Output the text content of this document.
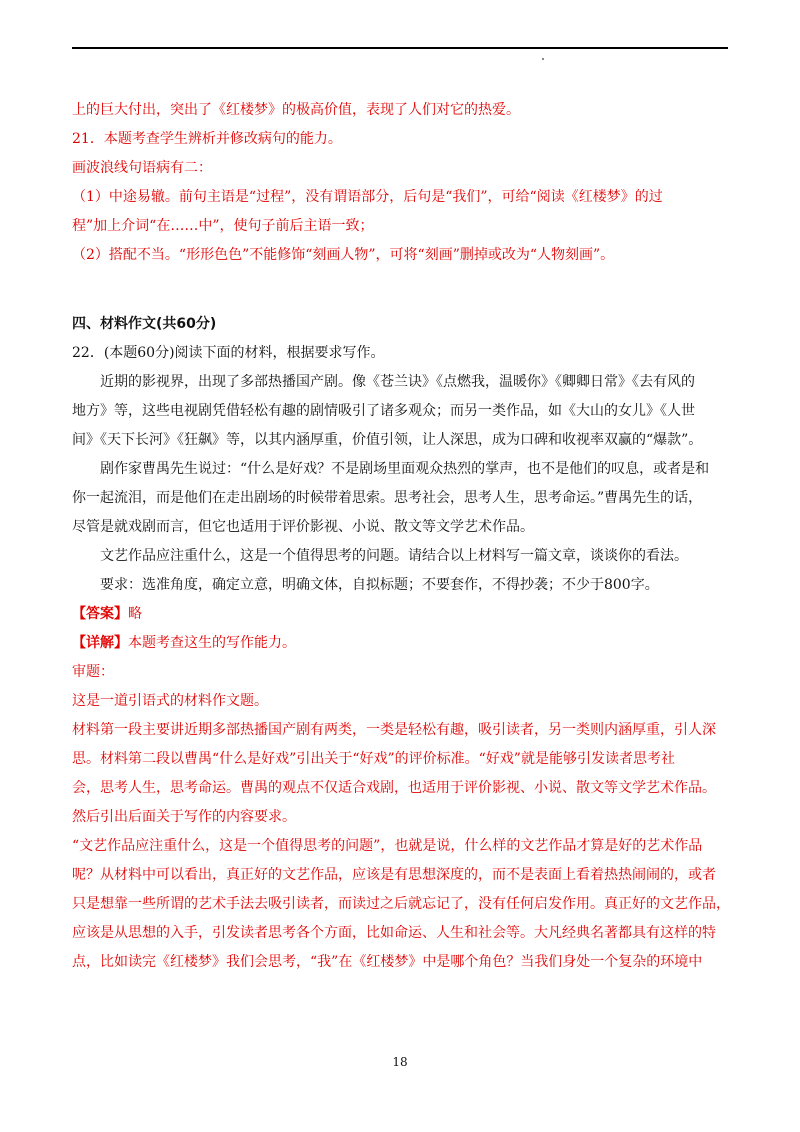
上的巨大付出，突出了《红楼梦》的极高价值，表现了人们对它的热爱。
21．本题考查学生辨析并修改病句的能力。
画波浪线句语病有二：
（1）中途易辙。前句主语是“过程”，没有谓语部分，后句是“我们”，可给“阅读《红楼梦》的过
程”加上介词“在……中”，使句子前后主语一致；
（2）搭配不当。“形形色色”不能修饰“刻画人物”，可将“刻画”删掉或改为“人物刻画”。
四、材料作文(共60分)
22．(本题60分)阅读下面的材料，根据要求写作。
近期的影视界，出现了多部热播国产剧。像《苍兰诀》《点燃我，温暖你》《卿卿日常》《去有风的
地方》等，这些电视剧凭借轻松有趣的剧情吸引了诸多观众；而另一类作品，如《大山的女儿》《人世
间》《天下长河》《狂飙》等，以其内涵厚重，价值引领，让人深思，成为口碑和收视率双赢的“爆款”。
剧作家曹禺先生说过：“什么是好戏？不是剧场里面观众热烈的掌声，也不是他们的叹息，或者是和
你一起流泪，而是他们在走出剧场的时候带着思索。思考社会，思考人生，思考命运。”曹禺先生的话，
尽管是就戏剧而言，但它也适用于评价影视、小说、散文等文学艺术作品。
文艺作品应注重什么，这是一个值得思考的问题。请结合以上材料写一篇文章，谈谈你的看法。
要求：选准角度，确定立意，明确文体，自拟标题；不要套作，不得抄袭；不少于800字。
【答案】略
【详解】本题考查这生的写作能力。
审题：
这是一道引语式的材料作文题。
材料第一段主要讲近期多部热播国产剧有两类，一类是轻松有趣，吸引读者，另一类则内涵厚重，引人深
思。材料第二段以曹禺“什么是好戏”引出关于“好戏”的评价标准。“好戏”就是能够引发读者思考社
会，思考人生，思考命运。曹禺的观点不仅适合戏剧，也适用于评价影视、小说、散文等文学艺术作品。
然后引出后面关于写作的内容要求。
“文艺作品应注重什么，这是一个值得思考的问题”，也就是说，什么样的文艺作品才算是好的艺术作品
呢？从材料中可以看出，真正好的文艺作品，应该是有思想深度的，而不是表面上看着热热闹闹的，或者
只是想靠一些所谓的艺术手法去吸引读者，而读过之后就忘记了，没有任何启发作用。真正好的文艺作品，
应该是从思想的入手，引发读者思考各个方面，比如命运、人生和社会等。大凡经典名著都具有这样的特
点，比如读完《红楼梦》我们会思考，“我”在《红楼梦》中是哪个角色？当我们身处一个复杂的环境中
18
